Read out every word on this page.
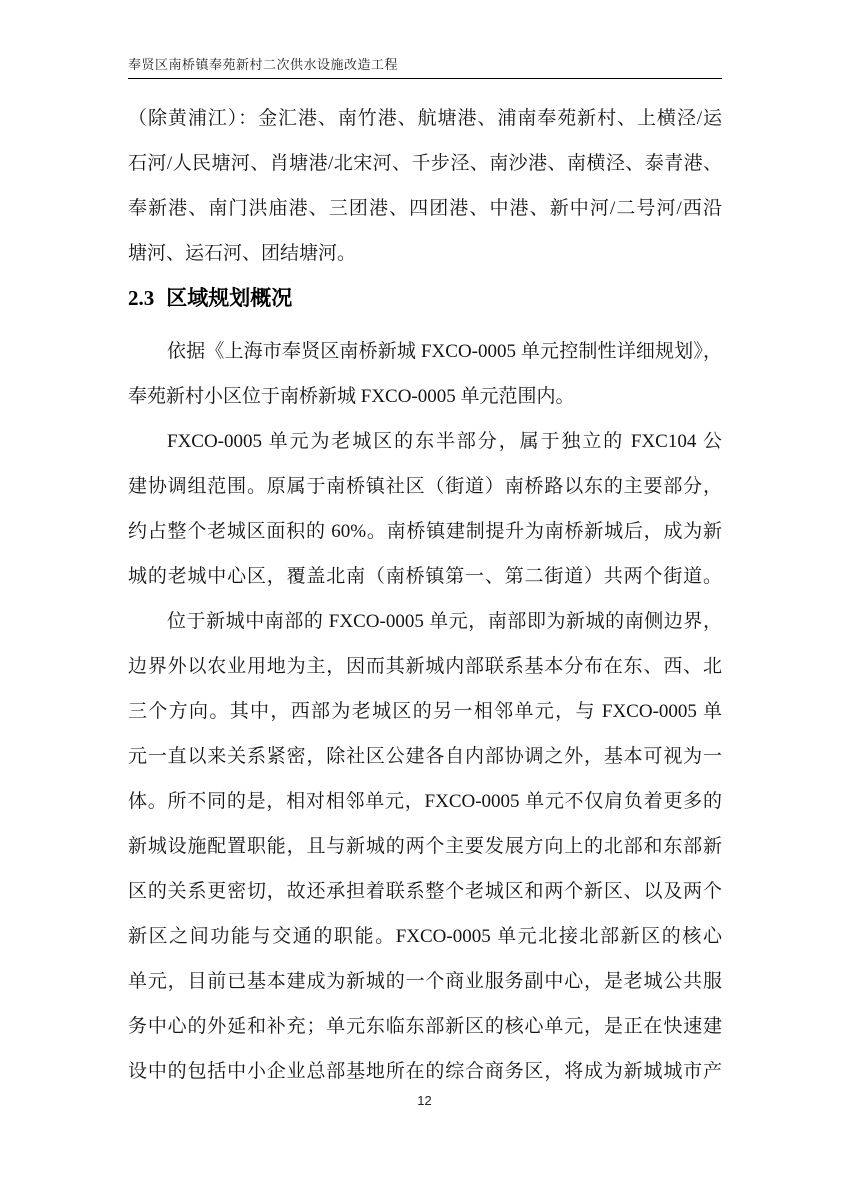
奉贤区南桥镇奉苑新村二次供水设施改造工程

（除黄浦江）：金汇港、南竹港、航塘港、浦南奉苑新村、上横泾/运

石河/人民塘河、肖塘港/北宋河、千步泾、南沙港、南横泾、泰青港、

奉新港、南门洪庙港、三团港、四团港、中港、新中河/二号河/西沿

塘河、运石河、团结塘河。

2.3 区域规划概况

依据《上海市奉贤区南桥新城 FXCO-0005 单元控制性详细规划》，

奉苑新村小区位于南桥新城 FXCO-0005 单元范围内。

FXCO-0005 单元为老城区的东半部分，属于独立的 FXC104 公

建协调组范围。原属于南桥镇社区（街道）南桥路以东的主要部分，

约占整个老城区面积的 60%。南桥镇建制提升为南桥新城后，成为新

城的老城中心区，覆盖北南（南桥镇第一、第二街道）共两个街道。

位于新城中南部的 FXCO-0005 单元，南部即为新城的南侧边界，

边界外以农业用地为主，因而其新城内部联系基本分布在东、西、北

三个方向。其中，西部为老城区的另一相邻单元，与 FXCO-0005 单

元一直以来关系紧密，除社区公建各自内部协调之外，基本可视为一

体。所不同的是，相对相邻单元，FXCO-0005 单元不仅肩负着更多的

新城设施配置职能，且与新城的两个主要发展方向上的北部和东部新

区的关系更密切，故还承担着联系整个老城区和两个新区、以及两个

新区之间功能与交通的职能。FXCO-0005 单元北接北部新区的核心

单元，目前已基本建成为新城的一个商业服务副中心，是老城公共服

务中心的外延和补充；单元东临东部新区的核心单元，是正在快速建

设中的包括中小企业总部基地所在的综合商务区，将成为新城城市产

12
